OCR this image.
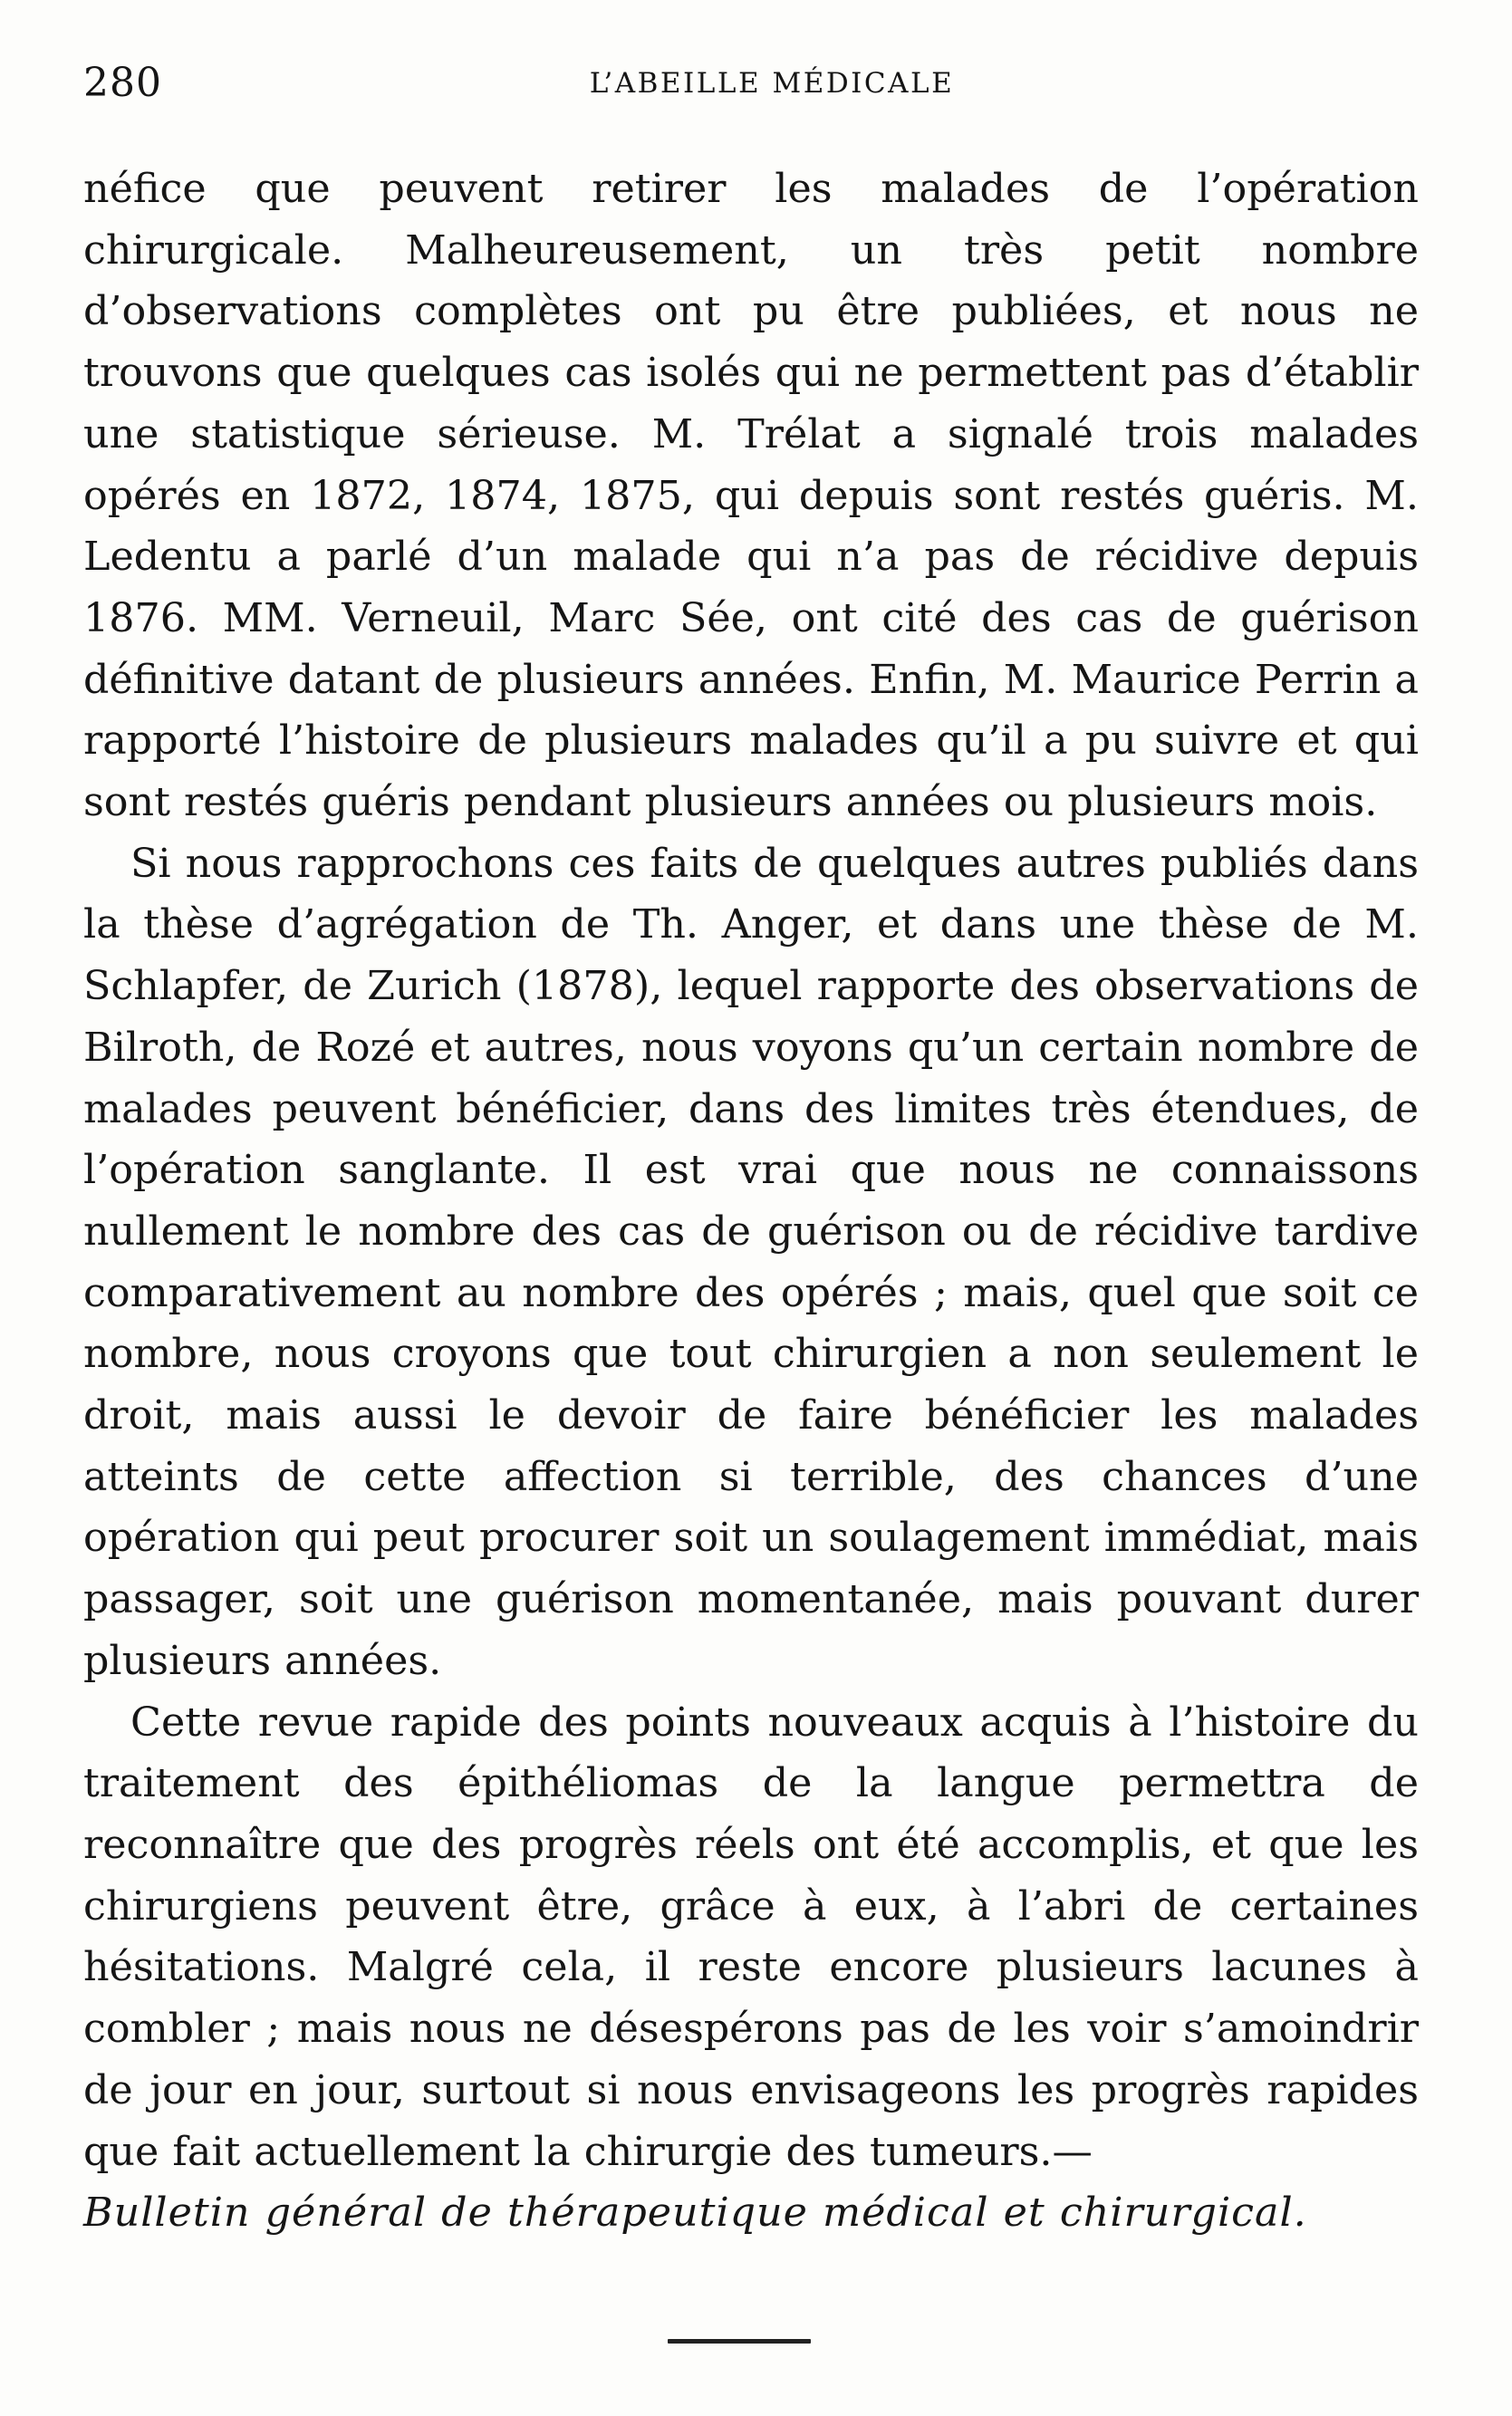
280	L’ABEILLE MÉDICALE

néfice que peuvent retirer les malades de l’opération chirurgicale. Malheureusement, un très petit nombre d’observations complètes ont pu être publiées, et nous ne trouvons que quelques cas isolés qui ne permettent pas d’établir une statistique sérieuse. M. Trélat a signalé trois malades opérés en 1872, 1874, 1875, qui depuis sont restés guéris. M. Ledentu a parlé d’un malade qui n’a pas de récidive depuis 1876. MM. Verneuil, Marc Sée, ont cité des cas de guérison définitive datant de plusieurs années. Enfin, M. Maurice Perrin a rapporté l’histoire de plusieurs malades qu’il a pu suivre et qui sont restés guéris pendant plusieurs années ou plusieurs mois.

Si nous rapprochons ces faits de quelques autres publiés dans la thèse d’agrégation de Th. Anger, et dans une thèse de M. Schlapfer, de Zurich (1878), lequel rapporte des observations de Bilroth, de Rozé et autres, nous voyons qu’un certain nombre de malades peuvent bénéficier, dans des limites très étendues, de l’opération sanglante. Il est vrai que nous ne connaissons nullement le nombre des cas de guérison ou de récidive tardive comparativement au nombre des opérés ; mais, quel que soit ce nombre, nous croyons que tout chirurgien a non seulement le droit, mais aussi le devoir de faire bénéficier les malades atteints de cette affection si terrible, des chances d’une opération qui peut procurer soit un soulagement immédiat, mais passager, soit une guérison momentanée, mais pouvant durer plusieurs années.

Cette revue rapide des points nouveaux acquis à l’histoire du traitement des épithéliomas de la langue permettra de reconnaître que des progrès réels ont été accomplis, et que les chirurgiens peuvent être, grâce à eux, à l’abri de certaines hésitations. Malgré cela, il reste encore plusieurs lacunes à combler ; mais nous ne désespérons pas de les voir s’amoindrir de jour en jour, surtout si nous envisageons les progrès rapides que fait actuellement la chirurgie des tumeurs.—

Bulletin général de thérapeutique médical et chirurgical.
